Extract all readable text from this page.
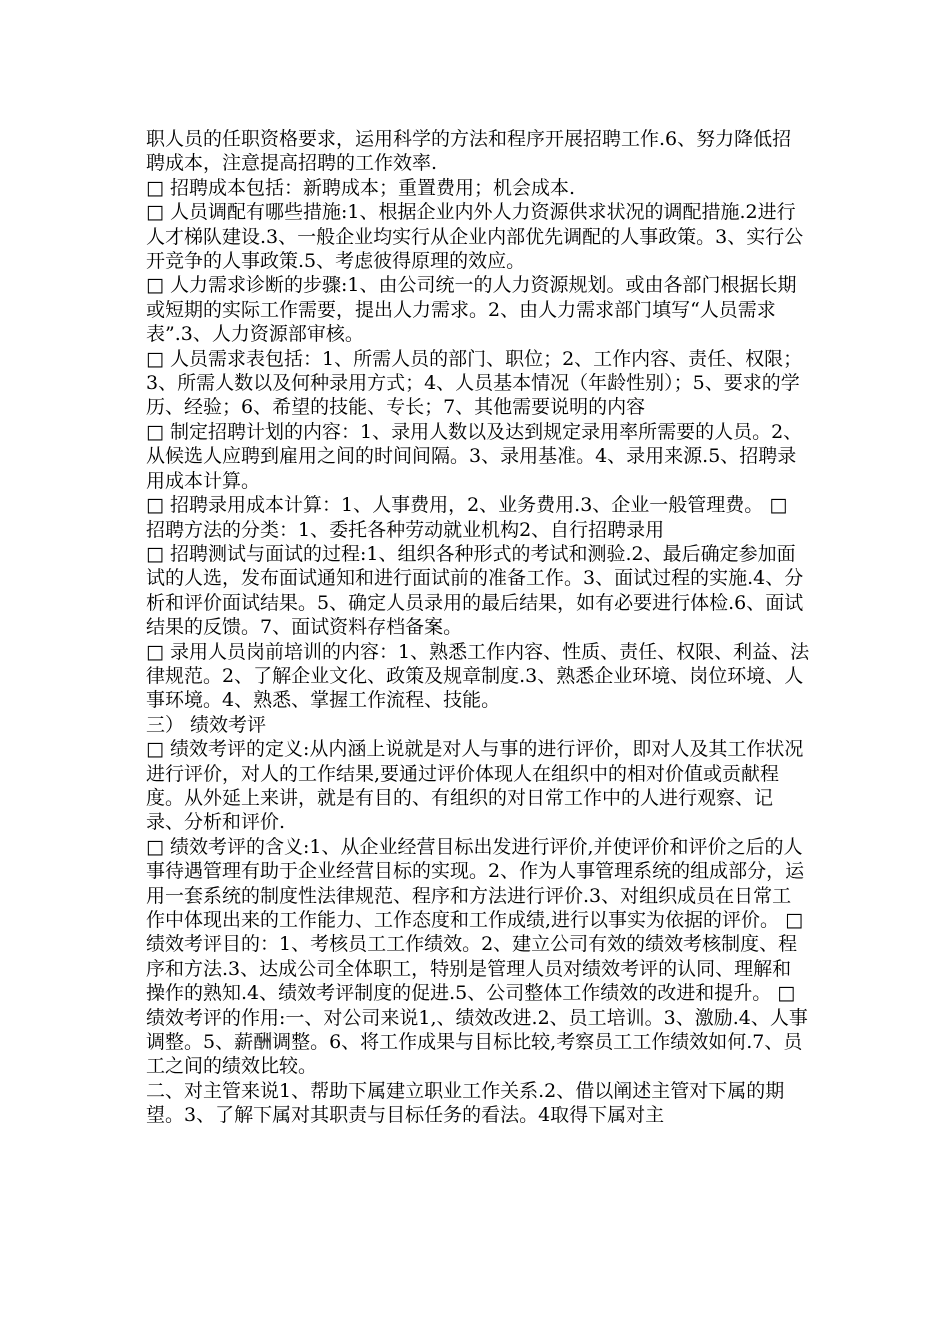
职人员的任职资格要求，运用科学的方法和程序开展招聘工作.6、努力降低招聘成本，注意提高招聘的工作效率.

□ 招聘成本包括：新聘成本；重置费用；机会成本.

□ 人员调配有哪些措施:1、根据企业内外人力资源供求状况的调配措施.2进行人才梯队建设.3、一般企业均实行从企业内部优先调配的人事政策。3、实行公开竞争的人事政策.5、考虑彼得原理的效应。

□ 人力需求诊断的步骤:1、由公司统一的人力资源规划。或由各部门根据长期或短期的实际工作需要，提出人力需求。2、由人力需求部门填写“人员需求表”.3、人力资源部审核。

□ 人员需求表包括：1、所需人员的部门、职位；2、工作内容、责任、权限；3、所需人数以及何种录用方式；4、人员基本情况（年龄性别）；5、要求的学历、经验；6、希望的技能、专长；7、其他需要说明的内容

□ 制定招聘计划的内容：1、录用人数以及达到规定录用率所需要的人员。2、从候选人应聘到雇用之间的时间间隔。3、录用基准。4、录用来源.5、招聘录用成本计算。

□ 招聘录用成本计算：1、人事费用，2、业务费用.3、企业一般管理费。 □ 招聘方法的分类：1、委托各种劳动就业机构2、自行招聘录用

□ 招聘测试与面试的过程:1、组织各种形式的考试和测验.2、最后确定参加面试的人选，发布面试通知和进行面试前的准备工作。3、面试过程的实施.4、分析和评价面试结果。5、确定人员录用的最后结果，如有必要进行体检.6、面试结果的反馈。7、面试资料存档备案。

□ 录用人员岗前培训的内容：1、熟悉工作内容、性质、责任、权限、利益、法律规范。2、了解企业文化、政策及规章制度.3、熟悉企业环境、岗位环境、人事环境。4、熟悉、掌握工作流程、技能。

三） 绩效考评

□ 绩效考评的定义:从内涵上说就是对人与事的进行评价，即对人及其工作状况进行评价，对人的工作结果,要通过评价体现人在组织中的相对价值或贡献程度。从外延上来讲，就是有目的、有组织的对日常工作中的人进行观察、记录、分析和评价.

□ 绩效考评的含义:1、从企业经营目标出发进行评价,并使评价和评价之后的人事待遇管理有助于企业经营目标的实现。2、作为人事管理系统的组成部分，运用一套系统的制度性法律规范、程序和方法进行评价.3、对组织成员在日常工作中体现出来的工作能力、工作态度和工作成绩,进行以事实为依据的评价。 □ 绩效考评目的：1、考核员工工作绩效。2、建立公司有效的绩效考核制度、程序和方法.3、达成公司全体职工，特别是管理人员对绩效考评的认同、理解和操作的熟知.4、绩效考评制度的促进.5、公司整体工作绩效的改进和提升。 □ 绩效考评的作用:一、对公司来说1,、绩效改进.2、员工培训。3、激励.4、人事调整。5、薪酬调整。6、将工作成果与目标比较,考察员工工作绩效如何.7、员工之间的绩效比较。

二、对主管来说1、帮助下属建立职业工作关系.2、借以阐述主管对下属的期望。3、了解下属对其职责与目标任务的看法。4取得下属对主
